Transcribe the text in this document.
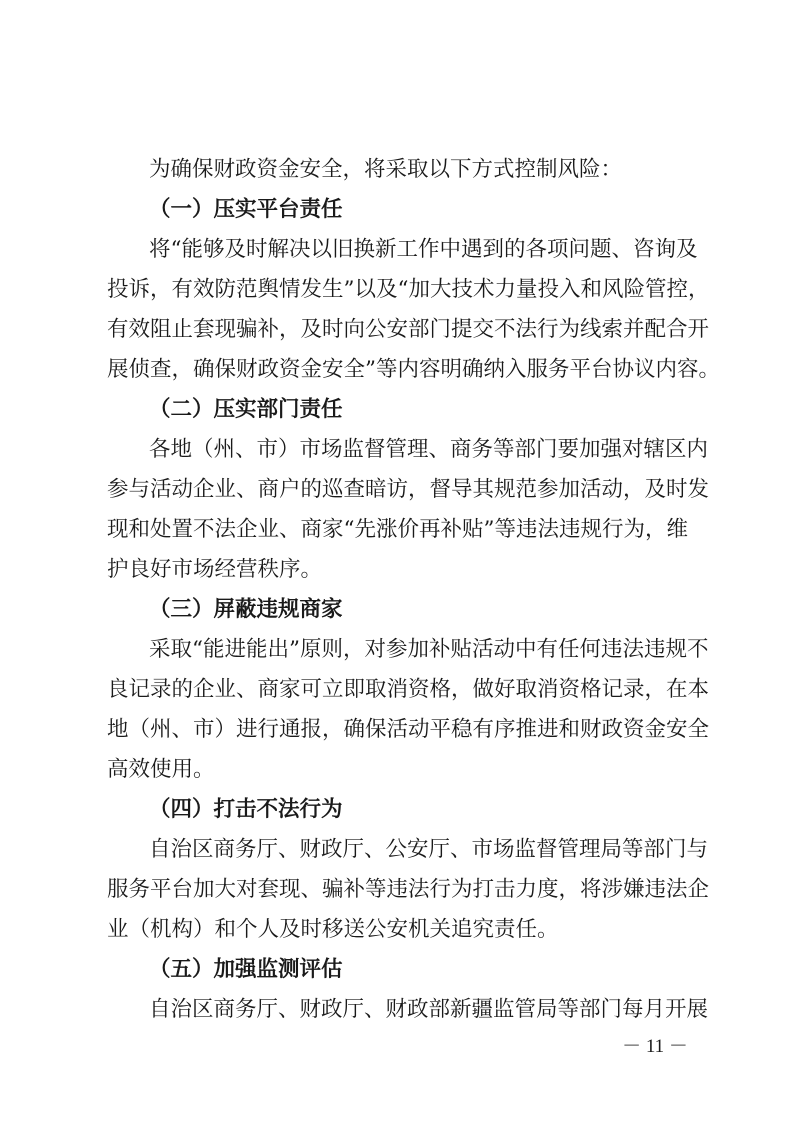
为确保财政资金安全，将采取以下方式控制风险：
（一）压实平台责任
将“能够及时解决以旧换新工作中遇到的各项问题、咨询及
投诉，有效防范舆情发生”以及“加大技术力量投入和风险管控，
有效阻止套现骗补，及时向公安部门提交不法行为线索并配合开
展侦查，确保财政资金安全”等内容明确纳入服务平台协议内容。
（二）压实部门责任
各地（州、市）市场监督管理、商务等部门要加强对辖区内
参与活动企业、商户的巡查暗访，督导其规范参加活动，及时发
现和处置不法企业、商家“先涨价再补贴”等违法违规行为，维
护良好市场经营秩序。
（三）屏蔽违规商家
采取“能进能出”原则，对参加补贴活动中有任何违法违规不
良记录的企业、商家可立即取消资格，做好取消资格记录，在本
地（州、市）进行通报，确保活动平稳有序推进和财政资金安全
高效使用。
（四）打击不法行为
自治区商务厅、财政厅、公安厅、市场监督管理局等部门与
服务平台加大对套现、骗补等违法行为打击力度，将涉嫌违法企
业（机构）和个人及时移送公安机关追究责任。
（五）加强监测评估
自治区商务厅、财政厅、财政部新疆监管局等部门每月开展
－ 11 －
